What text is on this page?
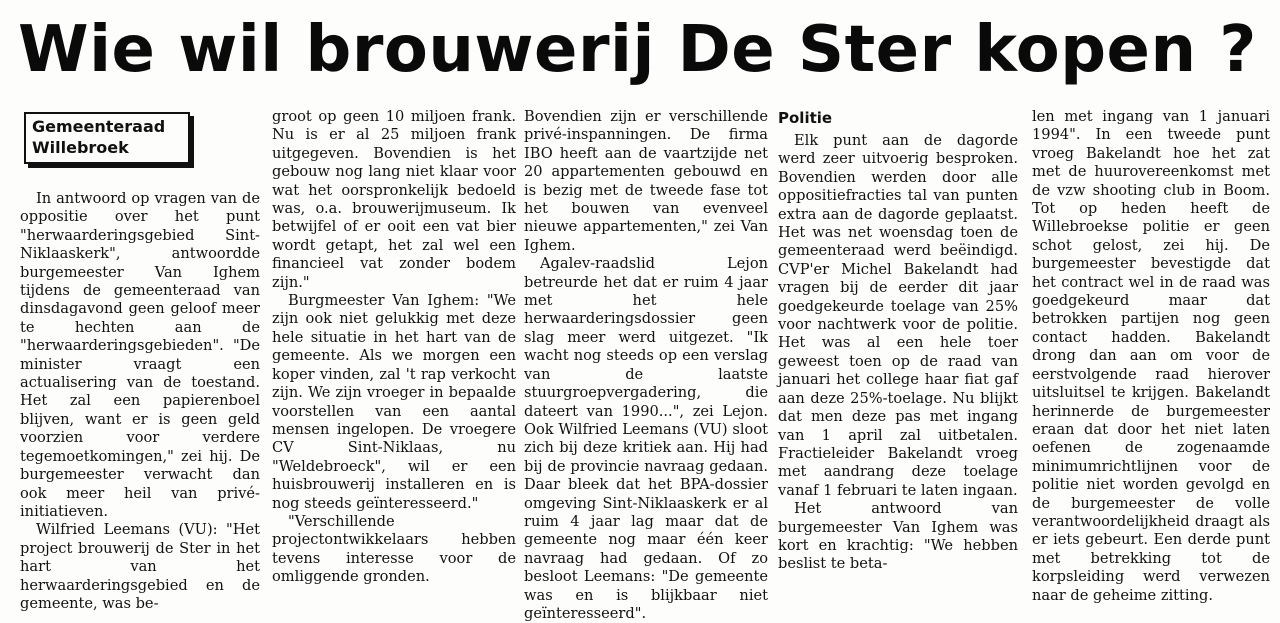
Wie wil brouwerij De Ster kopen ?
Gemeenteraad
Willebroek

In antwoord op vragen van de oppositie over het punt "herwaarderingsgebied Sint-Niklaaskerk", antwoordde burgemeester Van Ighem tijdens de gemeenteraad van dinsdagavond geen geloof meer te hechten aan de "herwaarderingsgebieden". "De minister vraagt een actualisering van de toestand. Het zal een papierenboel blijven, want er is geen geld voorzien voor verdere tegemoetkomingen," zei hij. De burgemeester verwacht dan ook meer heil van privé-initiatieven.

Wilfried Leemans (VU): "Het project brouwerij de Ster in het hart van het herwaarderingsgebied en de gemeente, was be-

groot op geen 10 miljoen frank. Nu is er al 25 miljoen frank uitgegeven. Bovendien is het gebouw nog lang niet klaar voor wat het oorspronkelijk bedoeld was, o.a. brouwerijmuseum. Ik betwijfel of er ooit een vat bier wordt getapt, het zal wel een financieel vat zonder bodem zijn."

Burgmeester Van Ighem: "We zijn ook niet gelukkig met deze hele situatie in het hart van de gemeente. Als we morgen een koper vinden, zal 't rap verkocht zijn. We zijn vroeger in bepaalde voorstellen van een aantal mensen ingelopen. De vroegere CV Sint-Niklaas, nu "Weldebroeck", wil er een huisbrouwerij installeren en is nog steeds geïnteresseerd."

"Verschillende projectontwikkelaars hebben tevens interesse voor de omliggende gronden.

Bovendien zijn er verschillende privé-inspanningen. De firma IBO heeft aan de vaartzijde net 20 appartementen gebouwd en is bezig met de tweede fase tot het bouwen van evenveel nieuwe appartementen," zei Van Ighem.

Agalev-raadslid Lejon betreurde het dat er ruim 4 jaar met het hele herwaarderingsdossier geen slag meer werd uitgezet. "Ik wacht nog steeds op een verslag van de laatste stuurgroepvergadering, die dateert van 1990...", zei Lejon. Ook Wilfried Leemans (VU) sloot zich bij deze kritiek aan. Hij had bij de provincie navraag gedaan. Daar bleek dat het BPA-dossier omgeving Sint-Niklaaskerk er al ruim 4 jaar lag maar dat de gemeente nog maar één keer navraag had gedaan. Of zo besloot Leemans: "De gemeente was en is blijkbaar niet geïnteresseerd".

Politie

Elk punt aan de dagorde werd zeer uitvoerig besproken. Bovendien werden door alle oppositiefracties tal van punten extra aan de dagorde geplaatst. Het was net woensdag toen de gemeenteraad werd beëindigd. CVP'er Michel Bakelandt had vragen bij de eerder dit jaar goedgekeurde toelage van 25% voor nachtwerk voor de politie. Het was al een hele toer geweest toen op de raad van januari het college haar fiat gaf aan deze 25%-toelage. Nu blijkt dat men deze pas met ingang van 1 april zal uitbetalen. Fractieleider Bakelandt vroeg met aandrang deze toelage vanaf 1 februari te laten ingaan.

Het antwoord van burgemeester Van Ighem was kort en krachtig: "We hebben beslist te beta-

len met ingang van 1 januari 1994". In een tweede punt vroeg Bakelandt hoe het zat met de huurovereenkomst met de vzw shooting club in Boom. Tot op heden heeft de Willebroekse politie er geen schot gelost, zei hij. De burgemeester bevestigde dat het contract wel in de raad was goedgekeurd maar dat betrokken partijen nog geen contact hadden. Bakelandt drong dan aan om voor de eerstvolgende raad hierover uitsluitsel te krijgen. Bakelandt herinnerde de burgemeester eraan dat door het niet laten oefenen de zogenaamde minimumrichtlijnen voor de politie niet worden gevolgd en de burgemeester de volle verantwoordelijkheid draagt als er iets gebeurt. Een derde punt met betrekking tot de korpsleiding werd verwezen naar de geheime zitting.
